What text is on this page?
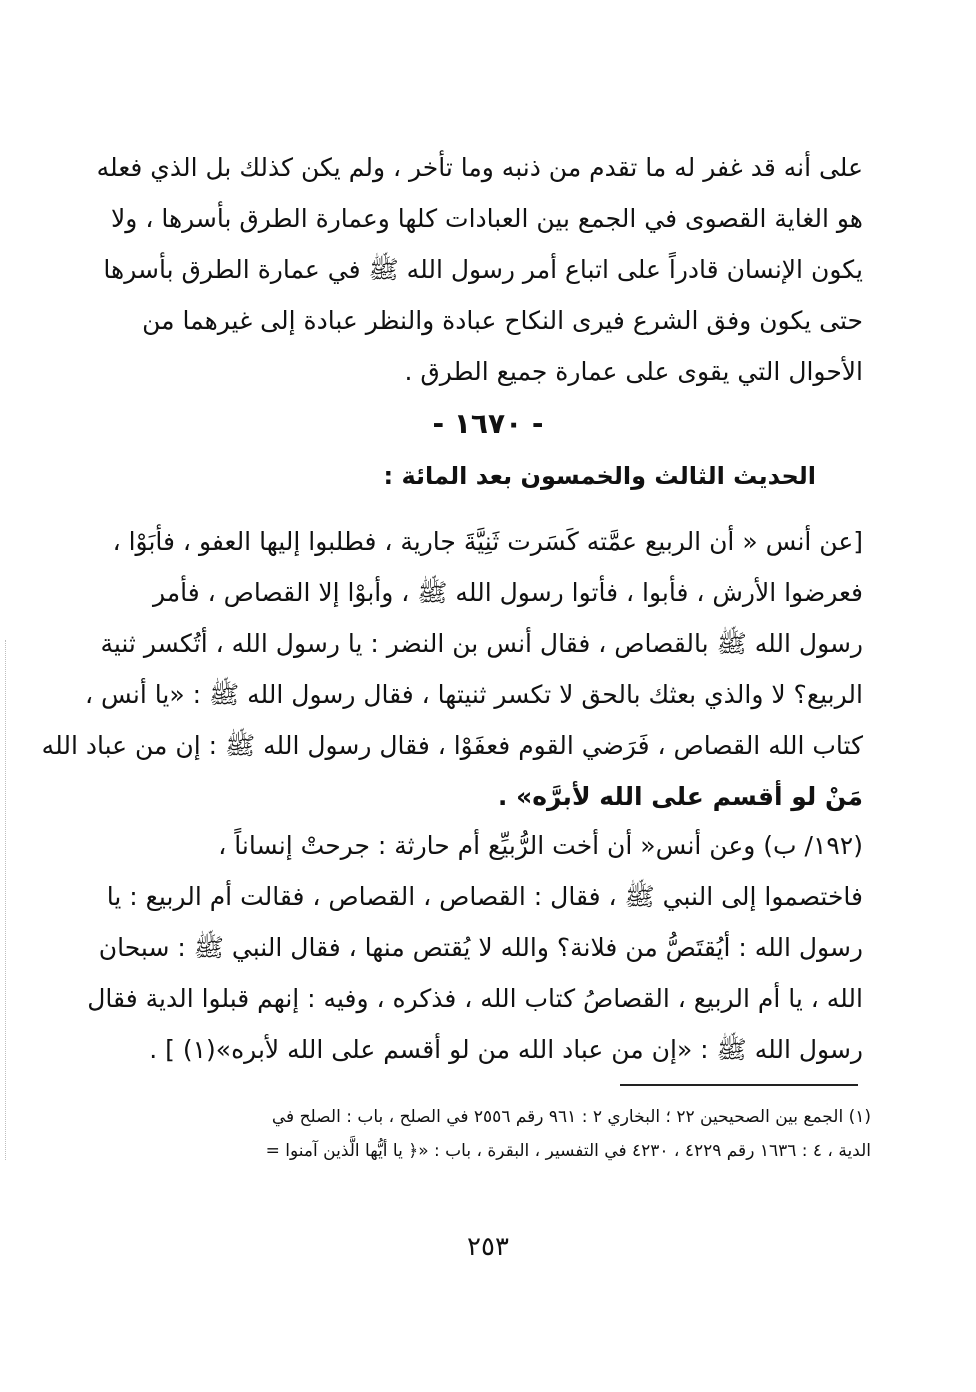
على أنه قد غفر له ما تقدم من ذنبه وما تأخر ، ولم يكن كذلك بل الذي فعله
هو الغاية القصوى في الجمع بين العبادات كلها وعمارة الطرق بأسرها ، ولا
يكون الإنسان قادراً على اتباع أمر رسول الله ﷺ في عمارة الطرق بأسرها
حتى يكون وفق الشرع فيرى النكاح عبادة والنظر عبادة إلى غيرهما من
الأحوال التي يقوى على عمارة جميع الطرق .
- ١٦٧٠ -
الحديث الثالث والخمسون بعد المائة :
[عن أنس « أن الربيع عمَّته كَسَرت ثَنِيَّةَ جارية ، فطلبوا إليها العفو ، فأبَوْا ،
فعرضوا الأرش ، فأبوا ، فأتوا رسول الله ﷺ ، وأبوْا إلا القصاص ، فأمر
رسول الله ﷺ بالقصاص ، فقال أنس بن النضر : يا رسول الله ، أتُكسر ثنية
الربيع؟ لا والذي بعثك بالحق لا تكسر ثنيتها ، فقال رسول الله ﷺ : «يا أنس ،
كتاب الله القصاص ، فَرَضي القوم فعفَوْا ، فقال رسول الله ﷺ : إن من عباد الله
مَنْ لو أقسم على الله لأبرَّه» .
(١٩٢/ ب) وعن أنس« أن أخت الرُّبيِّع أم حارثة : جرحتْ إنساناً ،
فاختصموا إلى النبي ﷺ ، فقال : القصاص ، القصاص ، فقالت أم الربيع : يا
رسول الله : أيُقتَصُّ من فلانة؟ والله لا يُقتص منها ، فقال النبي ﷺ : سبحان
الله ، يا أم الربيع ، القصاصُ كتاب الله ، فذكره ، وفيه : إنهم قبلوا الدية فقال
رسول الله ﷺ : «إن من عباد الله من لو أقسم على الله لأبره»(١) ] .
(١) الجمع بين الصحيحين ٢٢ ؛ البخاري ٢ : ٩٦١ رقم ٢٥٥٦ في الصلح ، باب : الصلح في
الدية ، ٤ : ١٦٣٦ رقم ٤٢٢٩ ، ٤٢٣٠ في التفسير ، البقرة ، باب : «﴿ يا أيُّها الَّذين آمنوا =
٢٥٣
